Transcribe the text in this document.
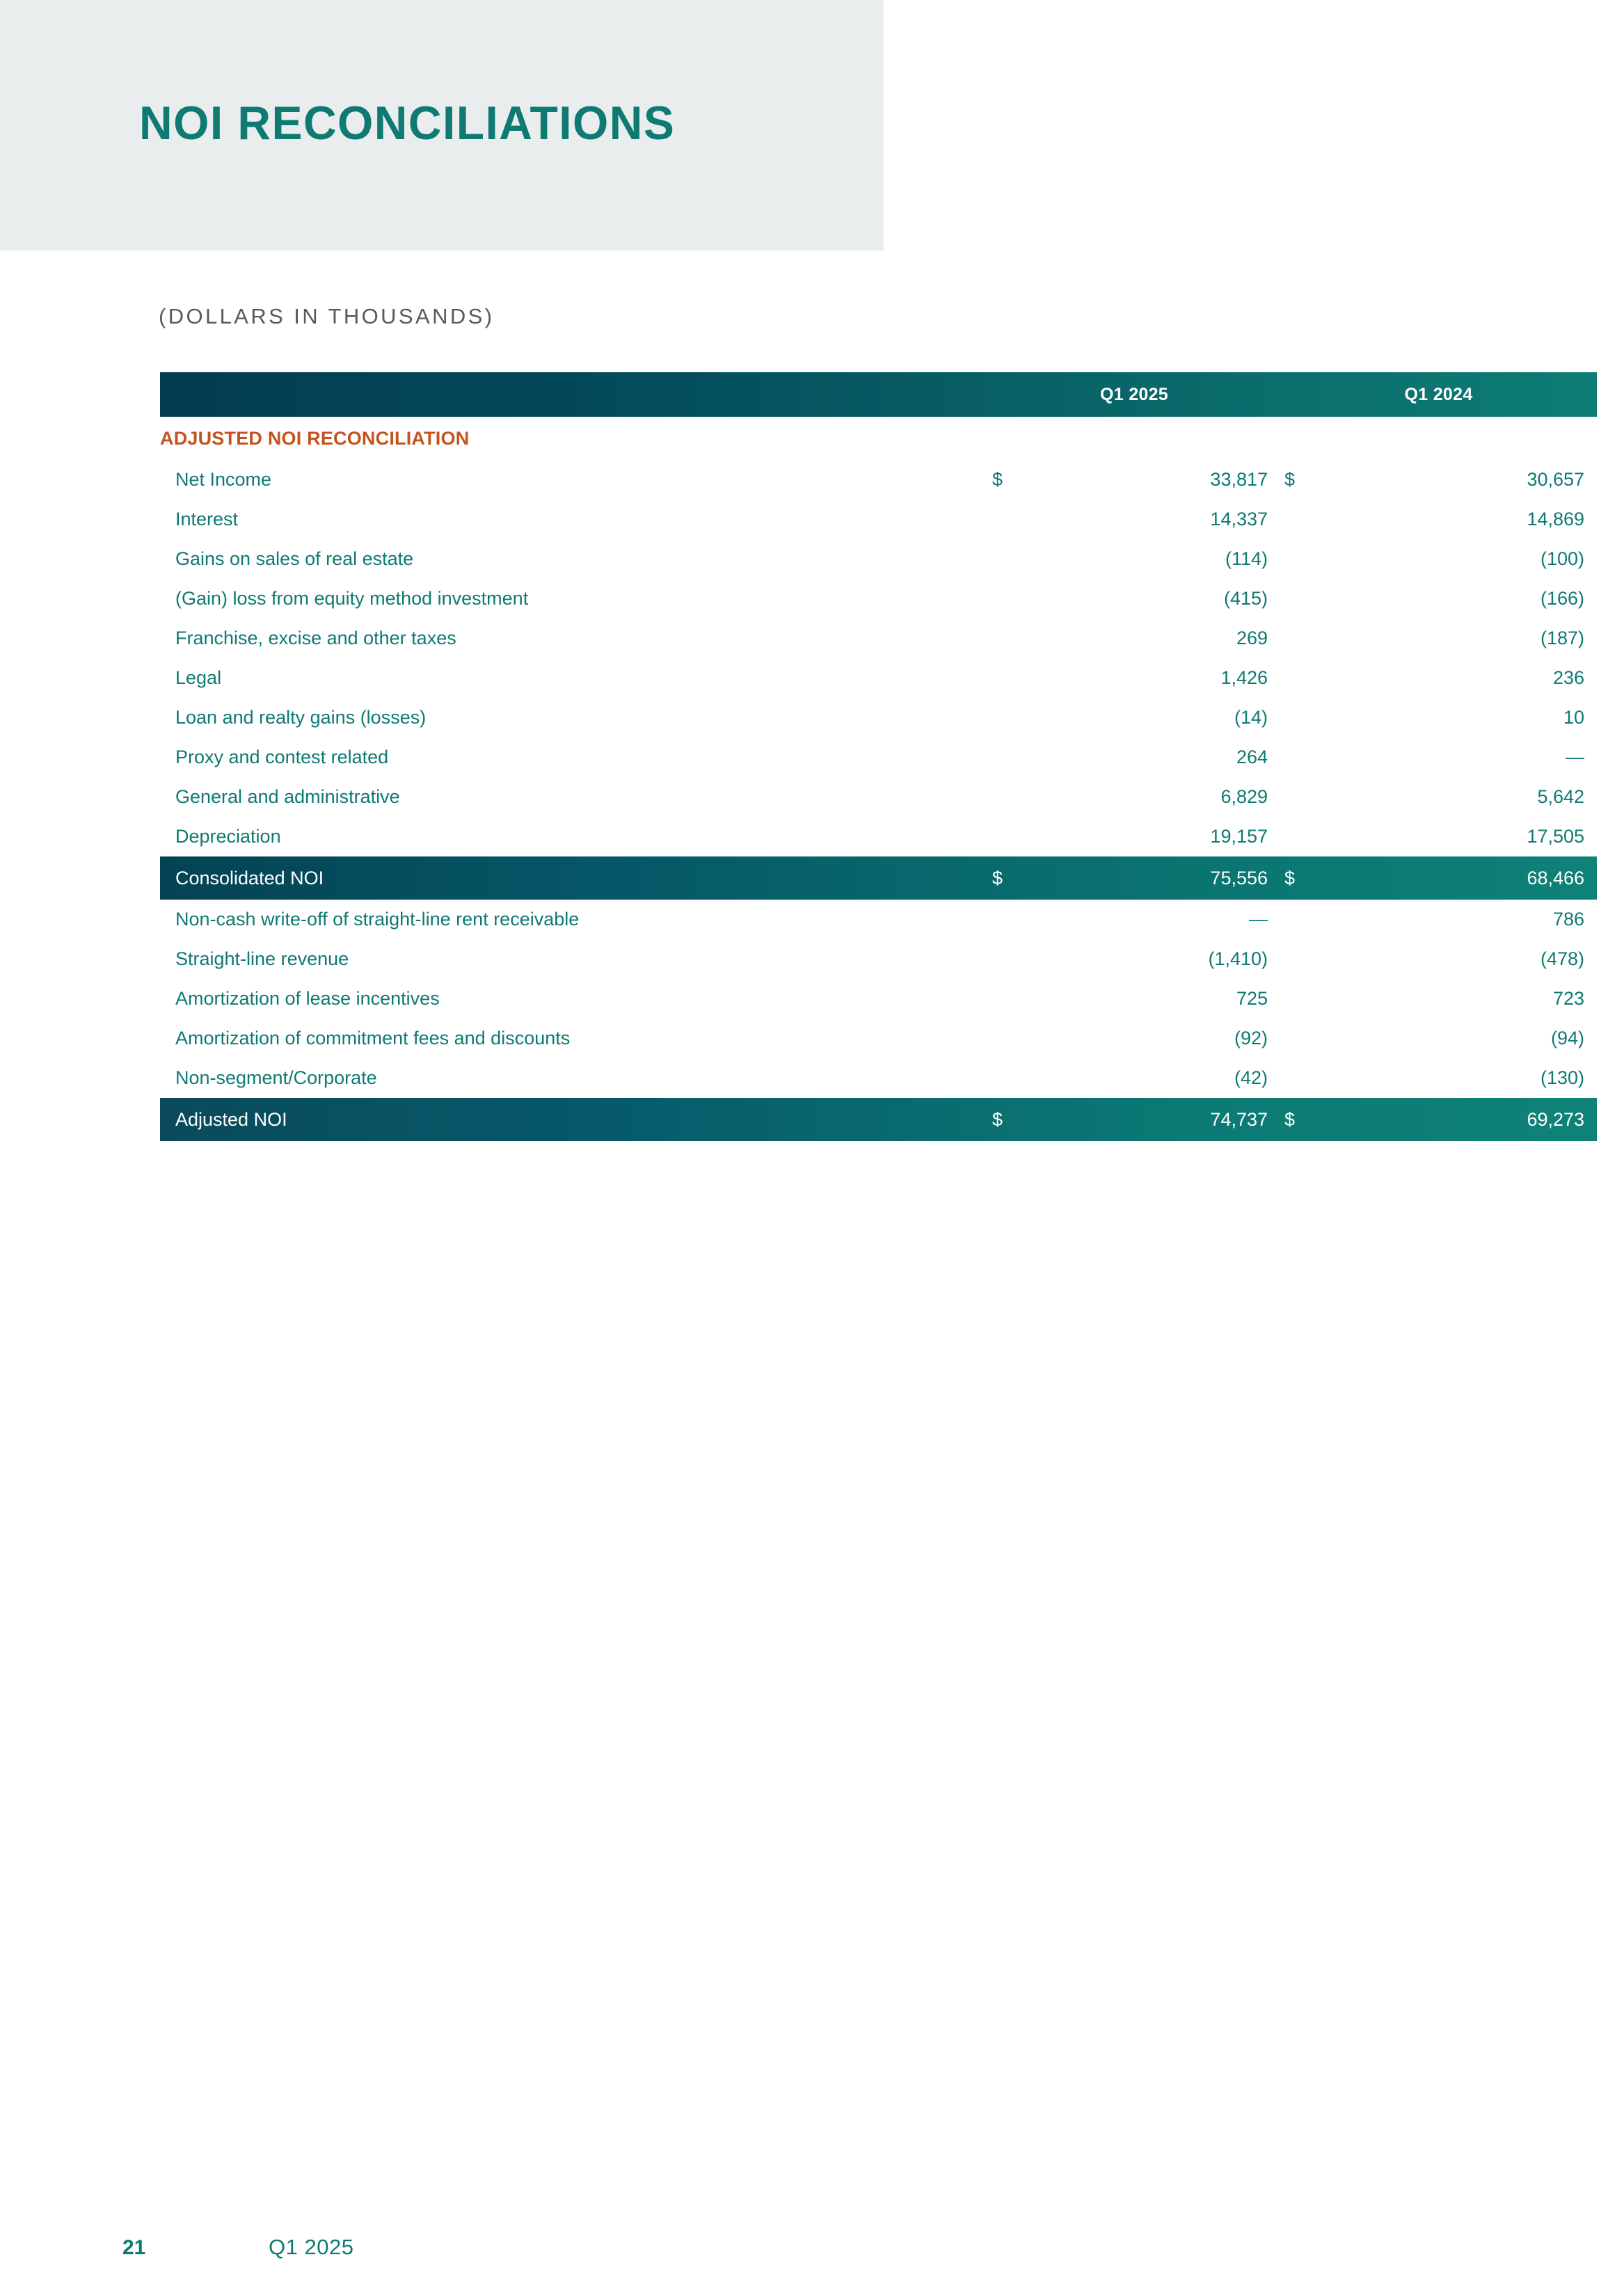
NOI RECONCILIATIONS
(DOLLARS IN THOUSANDS)
	Q1 2025		Q1 2024	
ADJUSTED NOI RECONCILIATION				
Net Income	$	33,817	$	30,657
Interest		14,337		14,869
Gains on sales of real estate		(114)		(100)
(Gain) loss from equity method investment		(415)		(166)
Franchise, excise and other taxes		269		(187)
Legal		1,426		236
Loan and realty gains (losses)		(14)		10
Proxy and contest related		264		—
General and administrative		6,829		5,642
Depreciation		19,157		17,505
Consolidated NOI	$	75,556	$	68,466
Non-cash write-off of straight-line rent receivable		—		786
Straight-line revenue		(1,410)		(478)
Amortization of lease incentives		725		723
Amortization of commitment fees and discounts		(92)		(94)
Non-segment/Corporate		(42)		(130)
Adjusted NOI	$	74,737	$	69,273
21	Q1 2025
